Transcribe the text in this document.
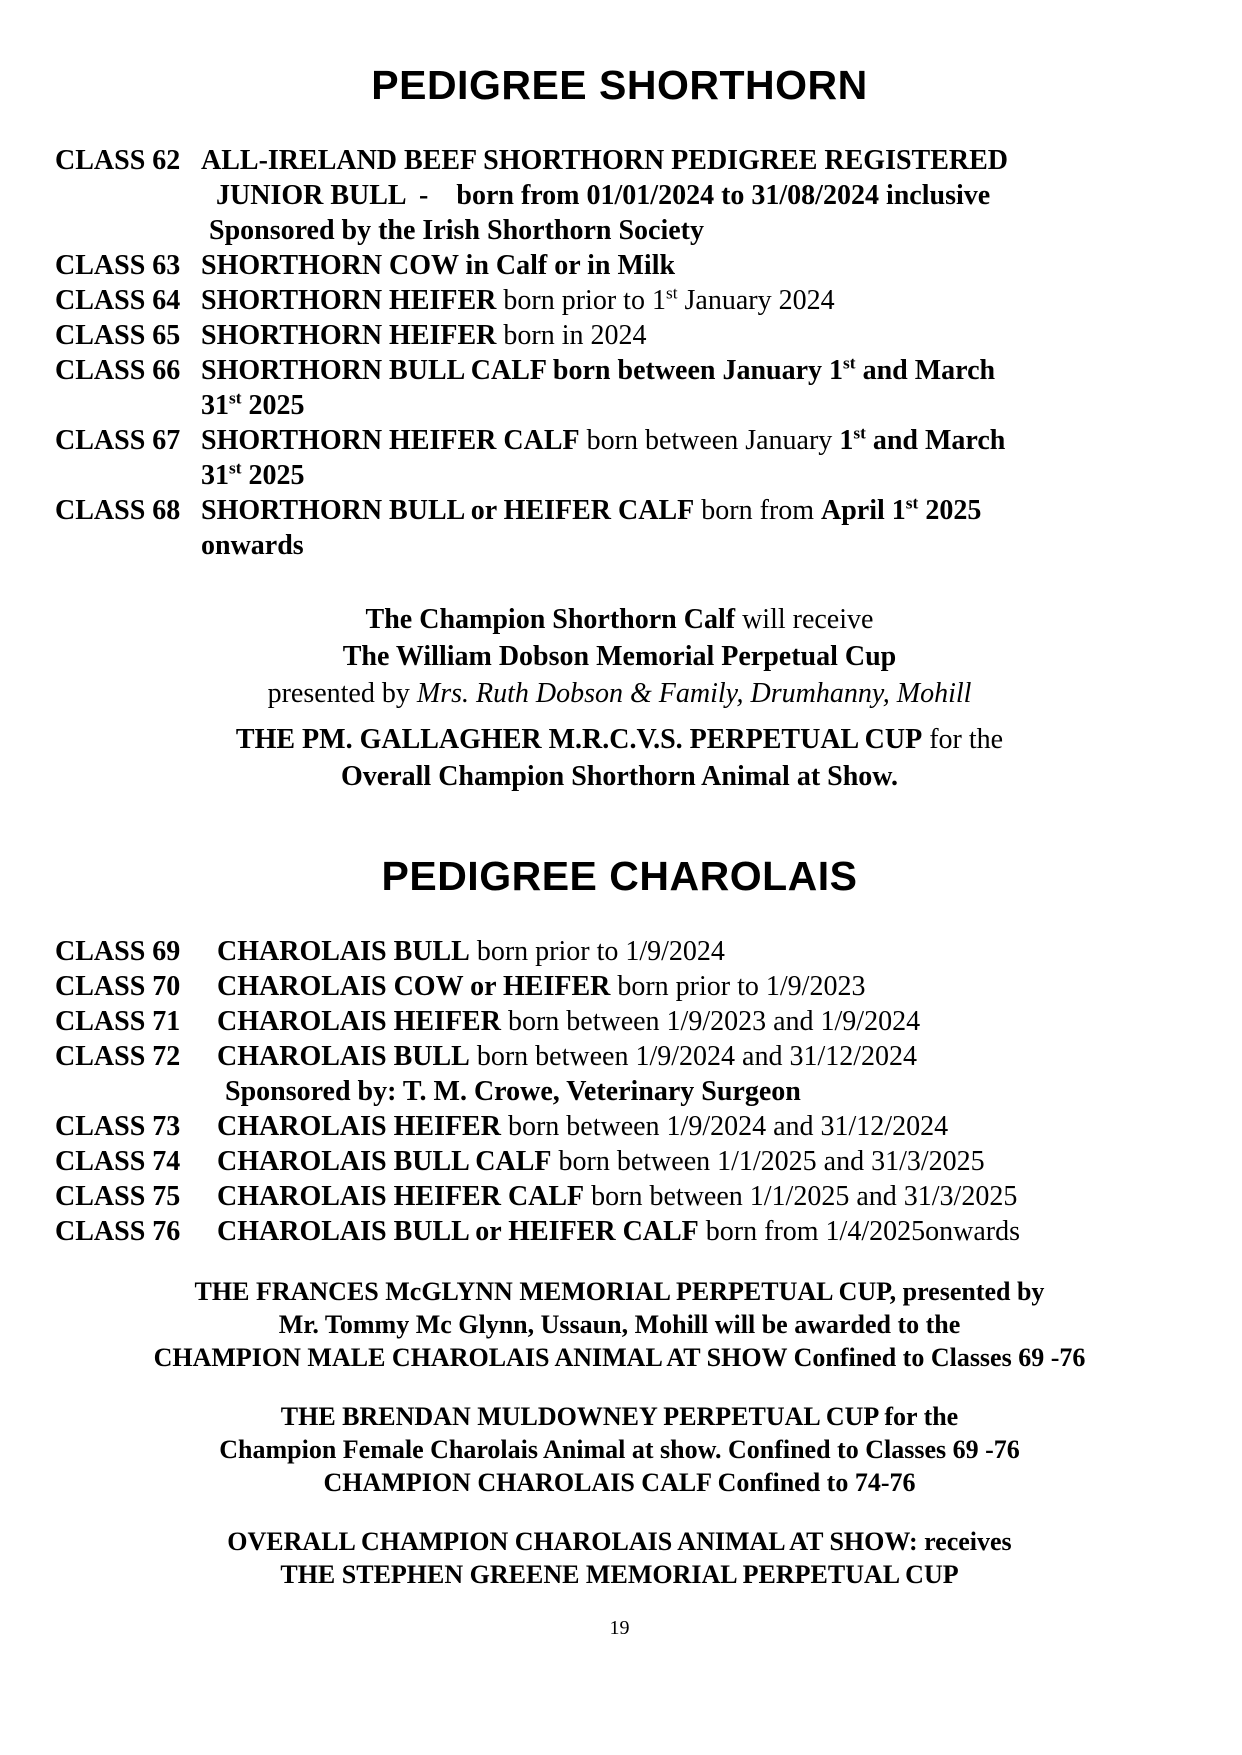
PEDIGREE SHORTHORN
CLASS 62 ALL-IRELAND BEEF SHORTHORN PEDIGREE REGISTERED
JUNIOR BULL  -    born from 01/01/2024 to 31/08/2024 inclusive
Sponsored by the Irish Shorthorn Society
CLASS 63 SHORTHORN COW in Calf or in Milk
CLASS 64 SHORTHORN HEIFER born prior to 1st January 2024
CLASS 65 SHORTHORN HEIFER born in 2024
CLASS 66 SHORTHORN BULL CALF born between January 1st and March
31st 2025
CLASS 67 SHORTHORN HEIFER CALF born between January 1st and March
31st 2025
CLASS 68 SHORTHORN BULL or HEIFER CALF born from April 1st 2025
onwards
The Champion Shorthorn Calf will receive
The William Dobson Memorial Perpetual Cup
presented by Mrs. Ruth Dobson & Family, Drumhanny, Mohill
THE PM. GALLAGHER M.R.C.V.S. PERPETUAL CUP for the
Overall Champion Shorthorn Animal at Show.
PEDIGREE CHAROLAIS
CLASS 69	CHAROLAIS BULL born prior to 1/9/2024
CLASS 70	CHAROLAIS COW or HEIFER born prior to 1/9/2023
CLASS 71	CHAROLAIS HEIFER born between 1/9/2023 and 1/9/2024
CLASS 72	CHAROLAIS BULL born between 1/9/2024 and 31/12/2024
Sponsored by: T. M. Crowe, Veterinary Surgeon
CLASS 73	CHAROLAIS HEIFER born between 1/9/2024 and 31/12/2024
CLASS 74	CHAROLAIS BULL CALF born between 1/1/2025 and 31/3/2025
CLASS 75	CHAROLAIS HEIFER CALF born between 1/1/2025 and 31/3/2025
CLASS 76	CHAROLAIS BULL or HEIFER CALF born from 1/4/2025onwards
THE FRANCES McGLYNN MEMORIAL PERPETUAL CUP, presented by
Mr. Tommy Mc Glynn, Ussaun, Mohill will be awarded to the
CHAMPION MALE CHAROLAIS ANIMAL AT SHOW Confined to Classes 69 -76
THE BRENDAN MULDOWNEY PERPETUAL CUP for the
Champion Female Charolais Animal at show. Confined to Classes 69 -76
CHAMPION CHAROLAIS CALF Confined to 74-76
OVERALL CHAMPION CHAROLAIS ANIMAL AT SHOW: receives
THE STEPHEN GREENE MEMORIAL PERPETUAL CUP
19
